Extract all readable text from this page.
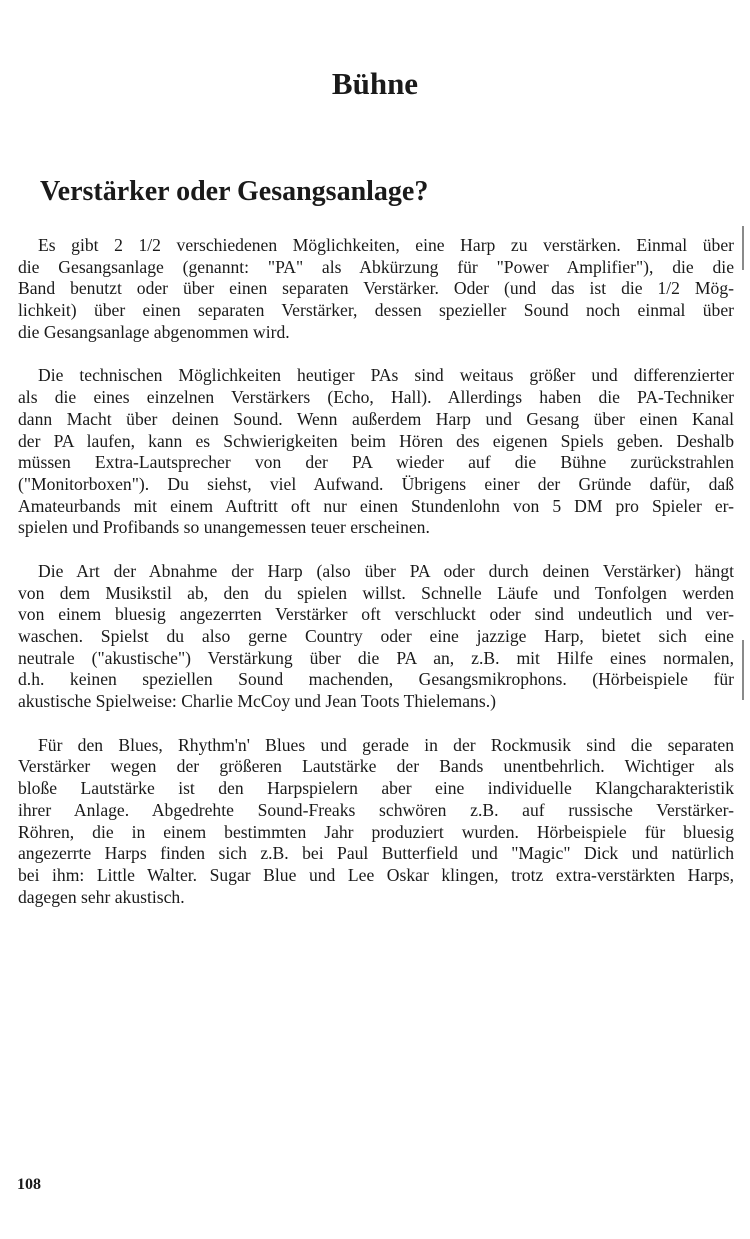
Bühne
Verstärker oder Gesangsanlage?

Es gibt 2 1/2 verschiedenen Möglichkeiten, eine Harp zu verstärken. Einmal über
die Gesangsanlage (genannt: "PA" als Abkürzung für "Power Amplifier"), die die
Band benutzt oder über einen separaten Verstärker. Oder (und das ist die 1/2 Mög-
lichkeit) über einen separaten Verstärker, dessen spezieller Sound noch einmal über
die Gesangsanlage abgenommen wird.

Die technischen Möglichkeiten heutiger PAs sind weitaus größer und differenzierter
als die eines einzelnen Verstärkers (Echo, Hall). Allerdings haben die PA-Techniker
dann Macht über deinen Sound. Wenn außerdem Harp und Gesang über einen Kanal
der PA laufen, kann es Schwierigkeiten beim Hören des eigenen Spiels geben. Deshalb
müssen Extra-Lautsprecher von der PA wieder auf die Bühne zurückstrahlen
("Monitorboxen"). Du siehst, viel Aufwand. Übrigens einer der Gründe dafür, daß
Amateurbands mit einem Auftritt oft nur einen Stundenlohn von 5 DM pro Spieler er-
spielen und Profibands so unangemessen teuer erscheinen.

Die Art der Abnahme der Harp (also über PA oder durch deinen Verstärker) hängt
von dem Musikstil ab, den du spielen willst. Schnelle Läufe und Tonfolgen werden
von einem bluesig angezerrten Verstärker oft verschluckt oder sind undeutlich und ver-
waschen. Spielst du also gerne Country oder eine jazzige Harp, bietet sich eine
neutrale ("akustische") Verstärkung über die PA an, z.B. mit Hilfe eines normalen,
d.h. keinen speziellen Sound machenden, Gesangsmikrophons. (Hörbeispiele für
akustische Spielweise: Charlie McCoy und Jean Toots Thielemans.)

Für den Blues, Rhythm'n' Blues und gerade in der Rockmusik sind die separaten
Verstärker wegen der größeren Lautstärke der Bands unentbehrlich. Wichtiger als
bloße Lautstärke ist den Harpspielern aber eine individuelle Klangcharakteristik
ihrer Anlage. Abgedrehte Sound-Freaks schwören z.B. auf russische Verstärker-
Röhren, die in einem bestimmten Jahr produziert wurden. Hörbeispiele für bluesig
angezerrte Harps finden sich z.B. bei Paul Butterfield und "Magic" Dick und natürlich
bei ihm: Little Walter. Sugar Blue und Lee Oskar klingen, trotz extra-verstärkten Harps,
dagegen sehr akustisch.

108
